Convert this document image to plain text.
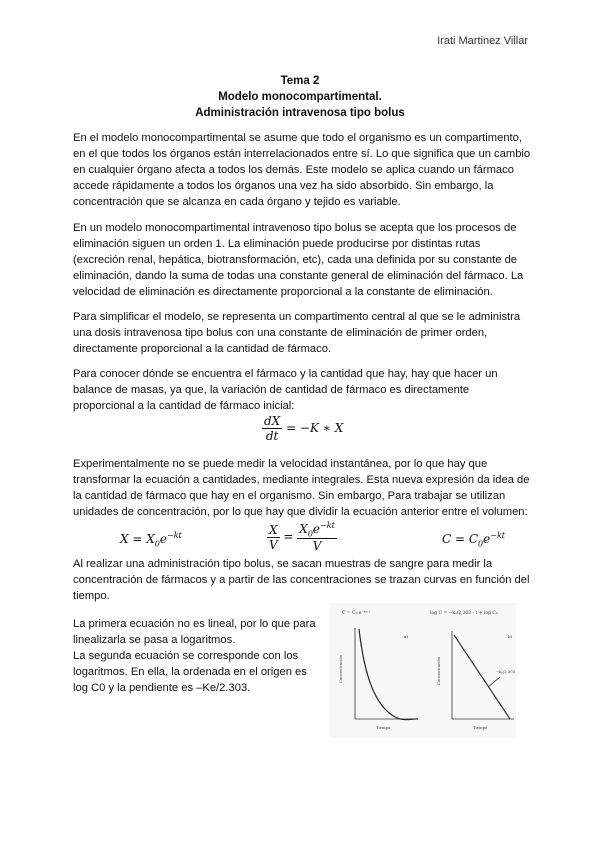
Irati Martinez Villar
Tema 2
Modelo monocompartimental.
Administración intravenosa tipo bolus
En el modelo monocompartimental se asume que todo el organismo es un compartimento,
en el que todos los órganos están interrelacionados entre sí. Lo que significa que un cambio
en cualquier órgano afecta a todos los demás. Este modelo se aplica cuando un fármaco
accede rápidamente a todos los órganos una vez ha sido absorbido. Sin embargo, la
concentración que se alcanza en cada órgano y tejido es variable.
En un modelo monocompartimental intravenoso tipo bolus se acepta que los procesos de
eliminación siguen un orden 1. La eliminación puede producirse por distintas rutas
(excreción renal, hepática, biotransformación, etc), cada una definida por su constante de
eliminación, dando la suma de todas una constante general de eliminación del fármaco. La
velocidad de eliminación es directamente proporcional a la constante de eliminación.
Para simplificar el modelo, se representa un compartimento central al que se le administra
una dosis intravenosa tipo bolus con una constante de eliminación de primer orden,
directamente proporcional a la cantidad de fármaco.
Para conocer dónde se encuentra el fármaco y la cantidad que hay, hay que hacer un
balance de masas, ya que, la variación de cantidad de fármaco es directamente
proporcional a la cantidad de fármaco inicial:
$\frac{dX}{dt} = -K$ ∗ X
Experimentalmente no se puede medir la velocidad instantánea, por lo que hay que
transformar la ecuación a cantidades, mediante integrales. Esta nueva expresión da idea de
la cantidad de fármaco que hay en el organismo. Sin embargo, Para trabajar se utilizan
unidades de concentración, por lo que hay que dividir la ecuación anterior entre el volumen:
$X = X_0e^{-kt}$	$\frac{X}{V} = \frac{X_0e^{-kt}}{V}$	$C = C_0e^{-kt}$
Al realizar una administración tipo bolus, se sacan muestras de sangre para medir la
concentración de fármacos y a partir de las concentraciones se trazan curvas en función del
tiempo.
La primera ecuación no es lineal, por lo que para
linealizarla se pasa a logaritmos.
La segunda ecuación se corresponde con los
logaritmos. En ella, la ordenada en el origen es
log C0 y la pendiente es –Ke/2.303.
C = C₀·e⁻ᵏᵉ·ᵗ
a)
Concentración
Tiempo
log C = −kₑ/2,303 · t + log C₀
b)
−kₑ/2,303
Concentración
Tiempo
